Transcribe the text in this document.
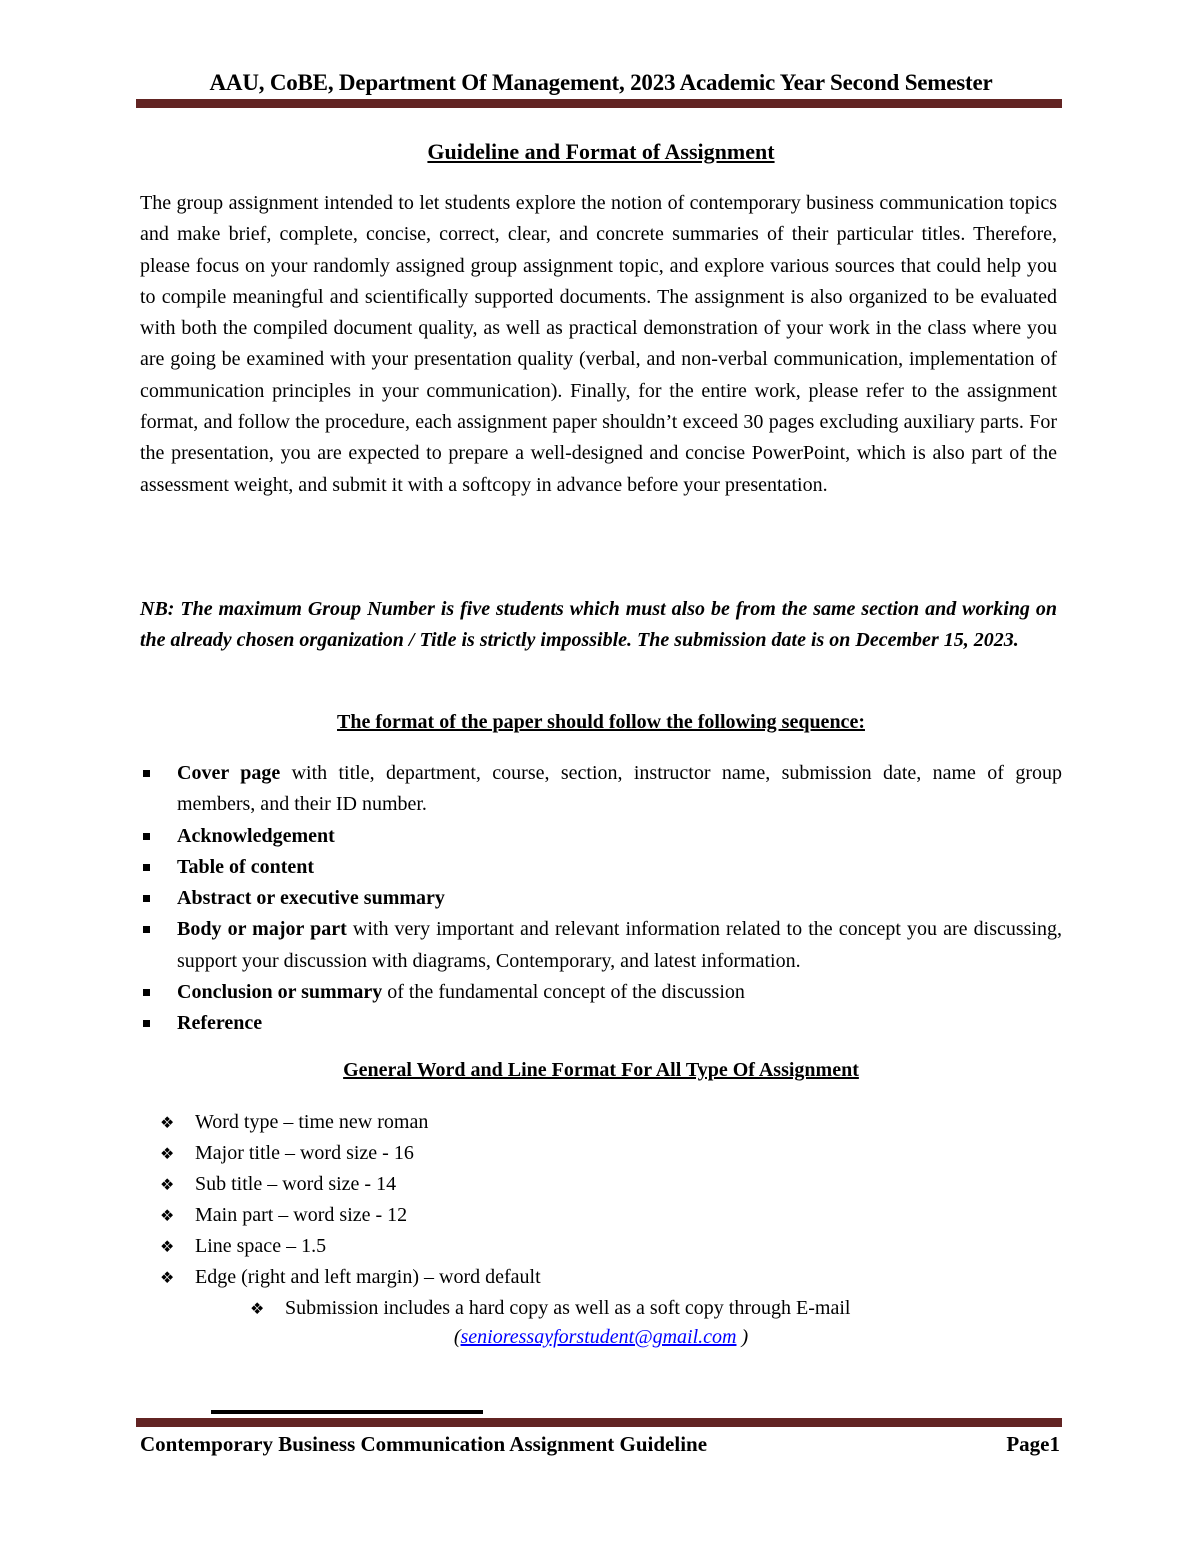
AAU, CoBE, Department Of Management, 2023 Academic Year Second Semester
Guideline and Format of Assignment

The group assignment intended to let students explore the notion of contemporary business communication topics and make brief, complete, concise, correct, clear, and concrete summaries of their particular titles. Therefore, please focus on your randomly assigned group assignment topic, and explore various sources that could help you to compile meaningful and scientifically supported documents. The assignment is also organized to be evaluated with both the compiled document quality, as well as practical demonstration of your work in the class where you are going be examined with your presentation quality (verbal, and non-verbal communication, implementation of communication principles in your communication). Finally, for the entire work, please refer to the assignment format, and follow the procedure, each assignment paper shouldn’t exceed 30 pages excluding auxiliary parts. For the presentation, you are expected to prepare a well-designed and concise PowerPoint, which is also part of the assessment weight, and submit it with a softcopy in advance before your presentation.

NB: The maximum Group Number is five students which must also be from the same section and working on the already chosen organization / Title is strictly impossible. The submission date is on December 15, 2023.

The format of the paper should follow the following sequence:
Cover page with title, department, course, section, instructor name, submission date, name of group members, and their ID number.
Acknowledgement
Table of content
Abstract or executive summary
Body or major part with very important and relevant information related to the concept you are discussing, support your discussion with diagrams, Contemporary, and latest information.
Conclusion or summary of the fundamental concept of the discussion
Reference
General Word and Line Format For All Type Of Assignment
❖ Word type – time new roman
❖ Major title – word size - 16
❖ Sub title – word size - 14
❖ Main part – word size - 12
❖ Line space – 1.5
❖ Edge (right and left margin) – word default
❖ Submission includes a hard copy as well as a soft copy through E-mail
(senioressayforstudent@gmail.com )
Contemporary Business Communication Assignment Guideline	Page1
